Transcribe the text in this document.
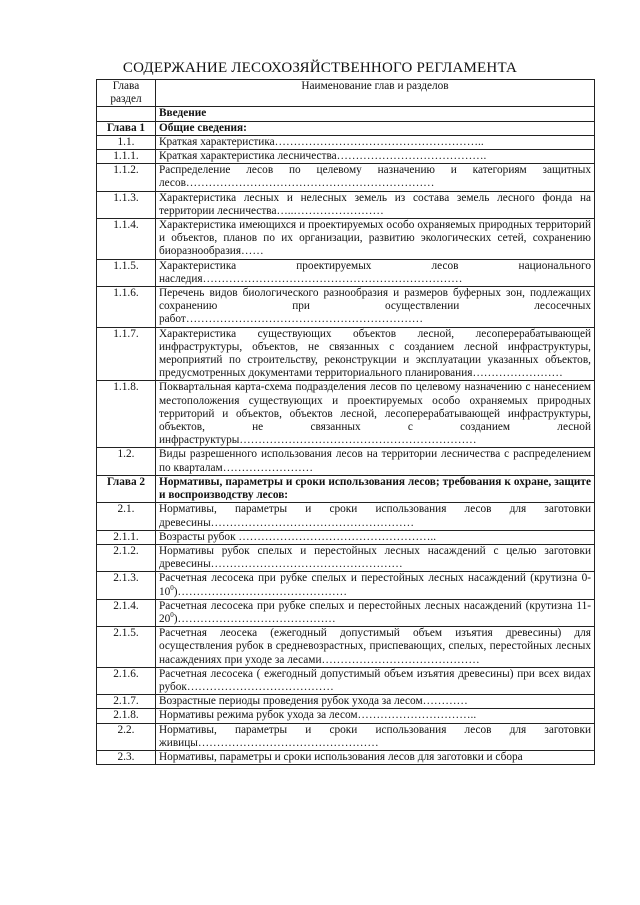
СОДЕРЖАНИЕ ЛЕСОХОЗЯЙСТВЕННОГО РЕГЛАМЕНТА
Глава раздел	Наименование глав и разделов
	Введение
Глава 1	Общие сведения:
1.1.	Краткая характеристика………………………………………………..
1.1.1.	Краткая характеристика лесничества………………………………….
1.1.2.	Распределение лесов по целевому назначению и категориям защитных лесов…………………………………………………………
1.1.3.	Характеристика лесных и нелесных земель из состава земель лесного фонда на территории лесничества…..……………………
1.1.4.	Характеристика имеющихся и проектируемых особо охраняемых природных территорий и объектов, планов по их организации, развитию экологических сетей, сохранению биоразнообразия……
1.1.5.	Характеристика проектируемых лесов национального наследия……………………………………………………………
1.1.6.	Перечень видов биологического разнообразия и размеров буферных зон, подлежащих сохранению при осуществлении лесосечных работ………………………………………………………
1.1.7.	Характеристика существующих объектов лесной, лесоперерабатывающей инфраструктуры, объектов, не связанных с созданием лесной инфраструктуры, мероприятий по строительству, реконструкции и эксплуатации указанных объектов, предусмотренных документами территориального планирования……………………
1.1.8.	Поквартальная карта-схема подразделения лесов по целевому назначению с нанесением местоположения существующих и проектируемых особо охраняемых природных территорий и объектов, объектов лесной, лесоперерабатывающей инфраструктуры, объектов, не связанных с созданием лесной инфраструктуры………………………………………………………
1.2.	Виды разрешенного использования лесов на территории лесничества с распределением по кварталам……………………
Глава 2	Нормативы, параметры и сроки использования лесов; требования к охране, защите и воспроизводству лесов:
2.1.	Нормативы, параметры и сроки использования лесов для заготовки древесины………………………………………………
2.1.1.	Возрасты рубок ……………………………………………..
2.1.2.	Нормативы рубок спелых и перестойных лесных насаждений с целью заготовки древесины……………………………………………
2.1.3.	Расчетная лесосека при рубке спелых и перестойных лесных насаждений (крутизна $0-10^0)\dots\dots\dots\dots\dots\dots\dots\dots\dots\dots\dots\dots\dots\dots\dots$
2.1.4.	Расчетная лесосека при рубке спелых и перестойных лесных насаждений (крутизна $11-20^0)\dots\dots\dots\dots\dots\dots\dots\dots\dots\dots\dots\dots\dots\dots$
2.1.5.	Расчетная леосека (ежегодный допустимый объем изъятия древесины) для осуществления рубок в средневозрастных, приспевающих, спелых, перестойных лесных насаждениях при уходе за лесами……………………………………
2.1.6.	Расчетная лесосека ( ежегодный допустимый объем изъятия древесины) при всех видах рубок…………………………………
2.1.7.	Возрастные периоды проведения рубок ухода за лесом…………
2.1.8.	Нормативы режима рубок ухода за лесом…………………………..
2.2.	Нормативы, параметры и сроки использования лесов для заготовки живицы…………………………………………
2.3.	Нормативы, параметры и сроки использования лесов для заготовки и сбора
